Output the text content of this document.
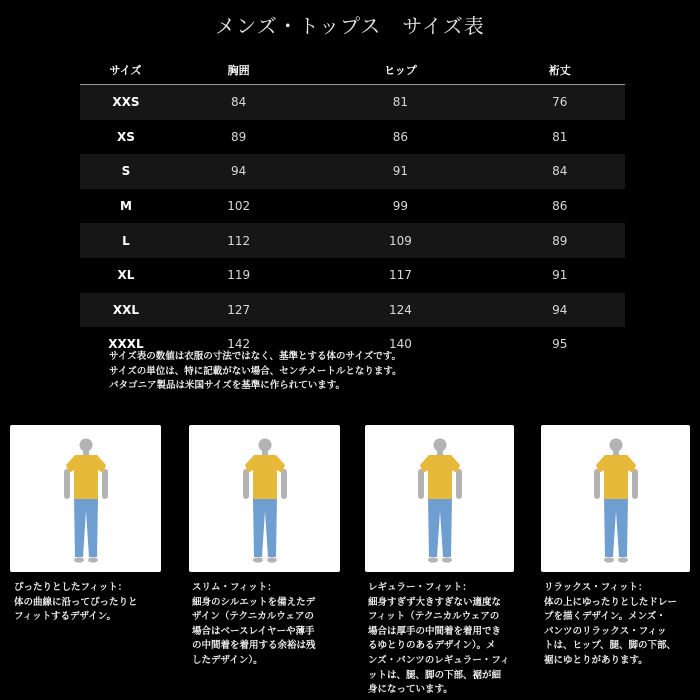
メンズ・トップス　サイズ表
サイズ	胸囲	ヒップ	裄丈
XXS	84	81	76
XS	89	86	81
S	94	91	84
M	102	99	86
L	112	109	89
XL	119	117	91
XXL	127	124	94
XXXL	142	140	95
サイズ表の数値は衣服の寸法ではなく、基準とする体のサイズです。
サイズの単位は、特に記載がない場合、センチメートルとなります。
パタゴニア製品は米国サイズを基準に作られています。
ぴったりとしたフィット：
体の曲線に沿ってぴったりと
フィットするデザイン。
スリム・フィット：
細身のシルエットを備えたデ
ザイン（テクニカルウェアの
場合はベースレイヤーや薄手
の中間着を着用する余裕は残
したデザイン）。
レギュラー・フィット：
細身すぎず大きすぎない適度な
フィット（テクニカルウェアの
場合は厚手の中間着を着用でき
るゆとりのあるデザイン）。メ
ンズ・パンツのレギュラー・フィ
ットは、腿、脚の下部、裾が細
身になっています。
リラックス・フィット：
体の上にゆったりとしたドレー
プを描くデザイン。メンズ・
パンツのリラックス・フィッ
トは、ヒップ、腿、脚の下部、
裾にゆとりがあります。
